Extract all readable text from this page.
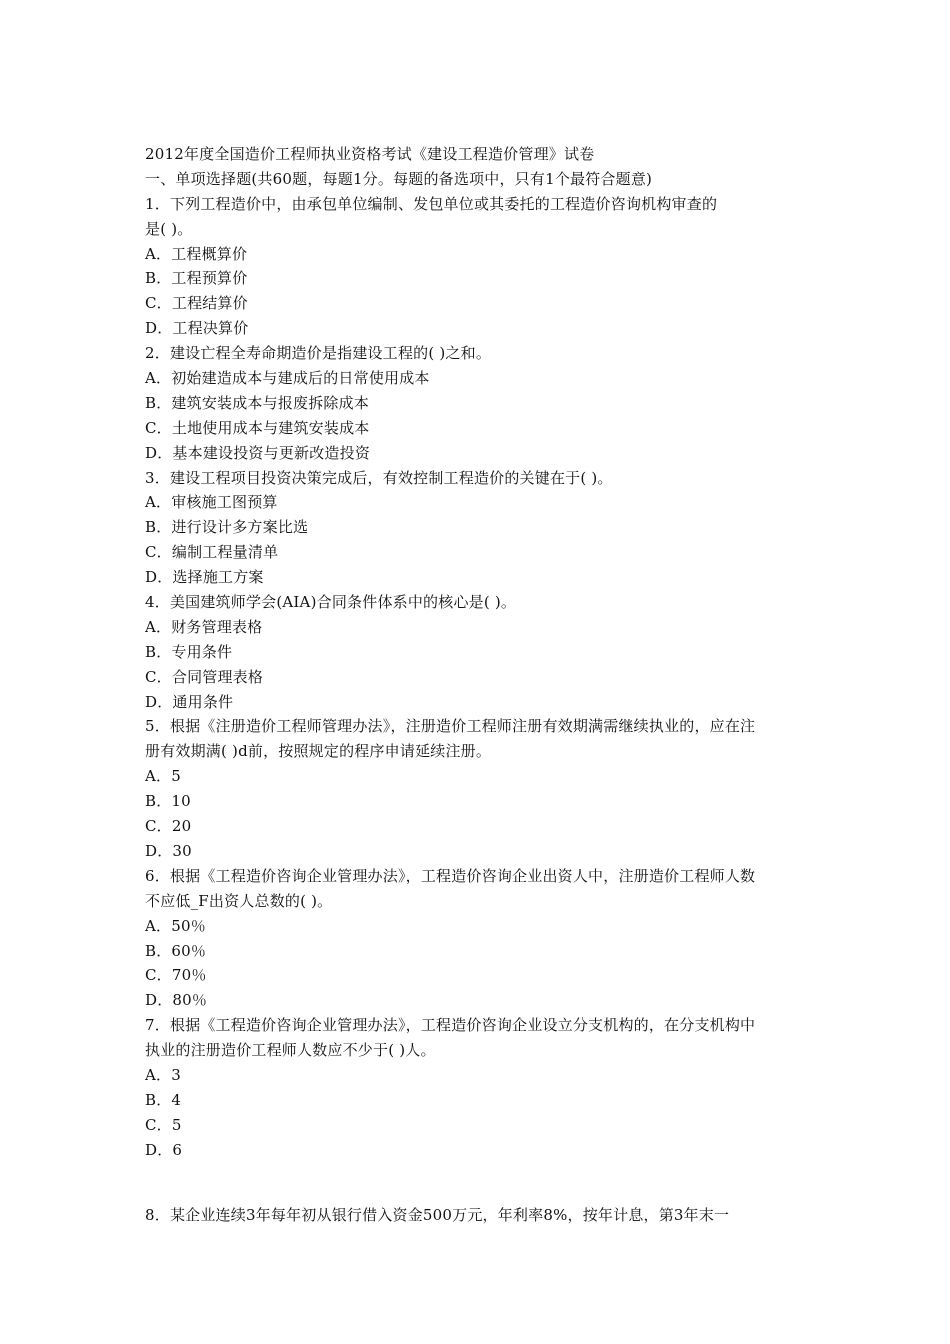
2012年度全国造价工程师执业资格考试《建设工程造价管理》试卷
一、单项选择题(共60题，每题1分。每题的备选项中，只有1个最符合题意)
1．下列工程造价中，由承包单位编制、发包单位或其委托的工程造价咨询机构审查的
是( )。
A．工程概算价
B．工程预算价
C．工程结算价
D．工程决算价
2．建设亡程全寿命期造价是指建设工程的( )之和。
A．初始建造成本与建成后的日常使用成本
B．建筑安装成本与报废拆除成本
C．土地使用成本与建筑安装成本
D．基本建设投资与更新改造投资
3．建设工程项目投资决策完成后，有效控制工程造价的关键在于( )。
A．审核施工图预算
B．进行设计多方案比选
C．编制工程量清单
D．选择施工方案
4．美国建筑师学会(AIA)合同条件体系中的核心是( )。
A．财务管理表格
B．专用条件
C．合同管理表格
D．通用条件
5．根据《注册造价工程师管理办法》，注册造价工程师注册有效期满需继续执业的，应在注
册有效期满( )d前，按照规定的程序申请延续注册。
A．5
B．10
C．20
D．30
6．根据《工程造价咨询企业管理办法》，工程造价咨询企业出资人中，注册造价工程师人数
不应低_F出资人总数的( )。
A．50％
B．60％
C．70％
D．80％
7．根据《工程造价咨询企业管理办法》，工程造价咨询企业设立分支机构的，在分支机构中
执业的注册造价工程师人数应不少于( )人。
A．3
B．4
C．5
D．6
8．某企业连续3年每年初从银行借入资金500万元，年利率8%，按年计息，第3年末一
